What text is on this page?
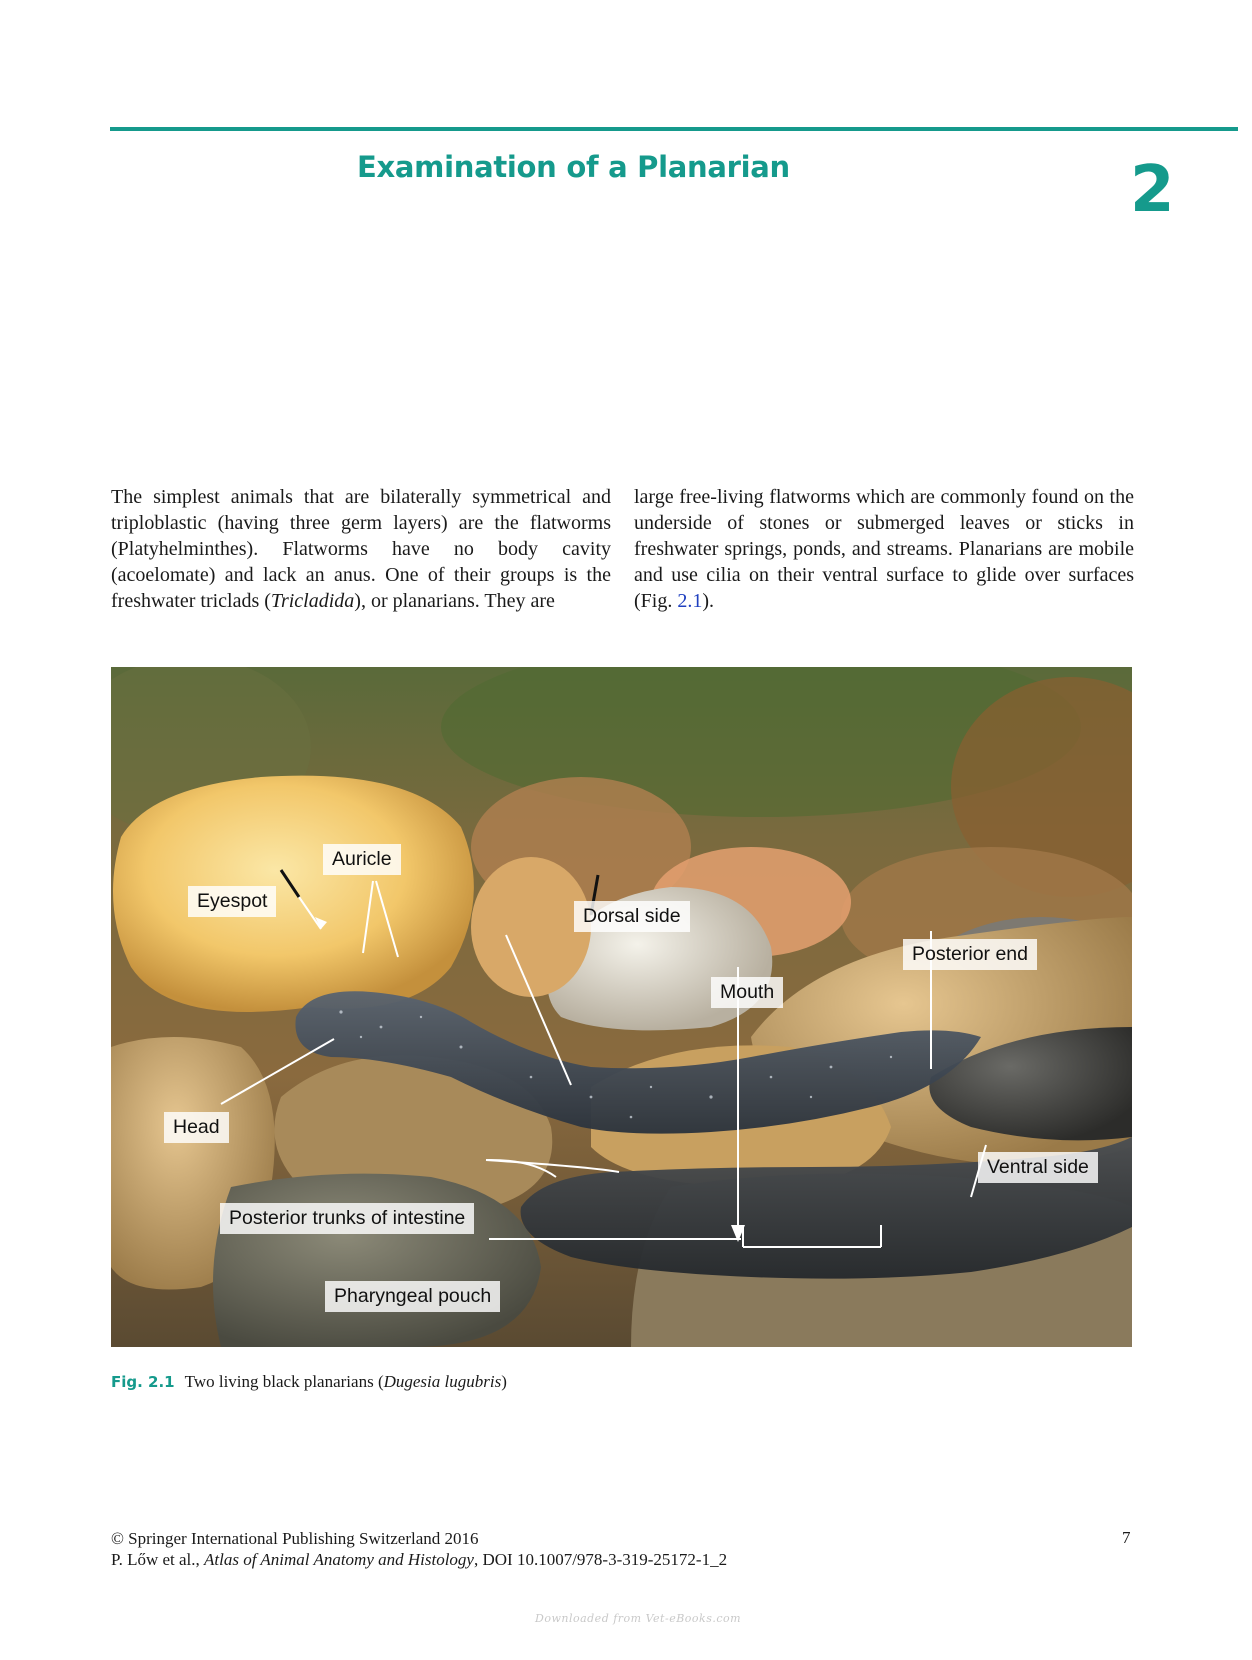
Examination of a Planarian	2
The simplest animals that are bilaterally symmetrical and triploblastic (having three germ layers) are the flatworms (Platyhelminthes). Flatworms have no body cavity (acoelomate) and lack an anus. One of their groups is the freshwater triclads (Tricladida), or planarians. They are
large free-living flatworms which are commonly found on the underside of stones or submerged leaves or sticks in freshwater springs, ponds, and streams. Planarians are mobile and use cilia on their ventral surface to glide over surfaces (Fig. 2.1).
Auricle
Eyespot
Dorsal side
Posterior end
Mouth
Head
Ventral side
Posterior trunks of intestine
Pharyngeal pouch
Fig. 2.1 Two living black planarians (Dugesia lugubris)
© Springer International Publishing Switzerland 2016
P. Lőw et al., Atlas of Animal Anatomy and Histology, DOI 10.1007/978-3-319-25172-1_2
7
Downloaded from Vet-eBooks.com
